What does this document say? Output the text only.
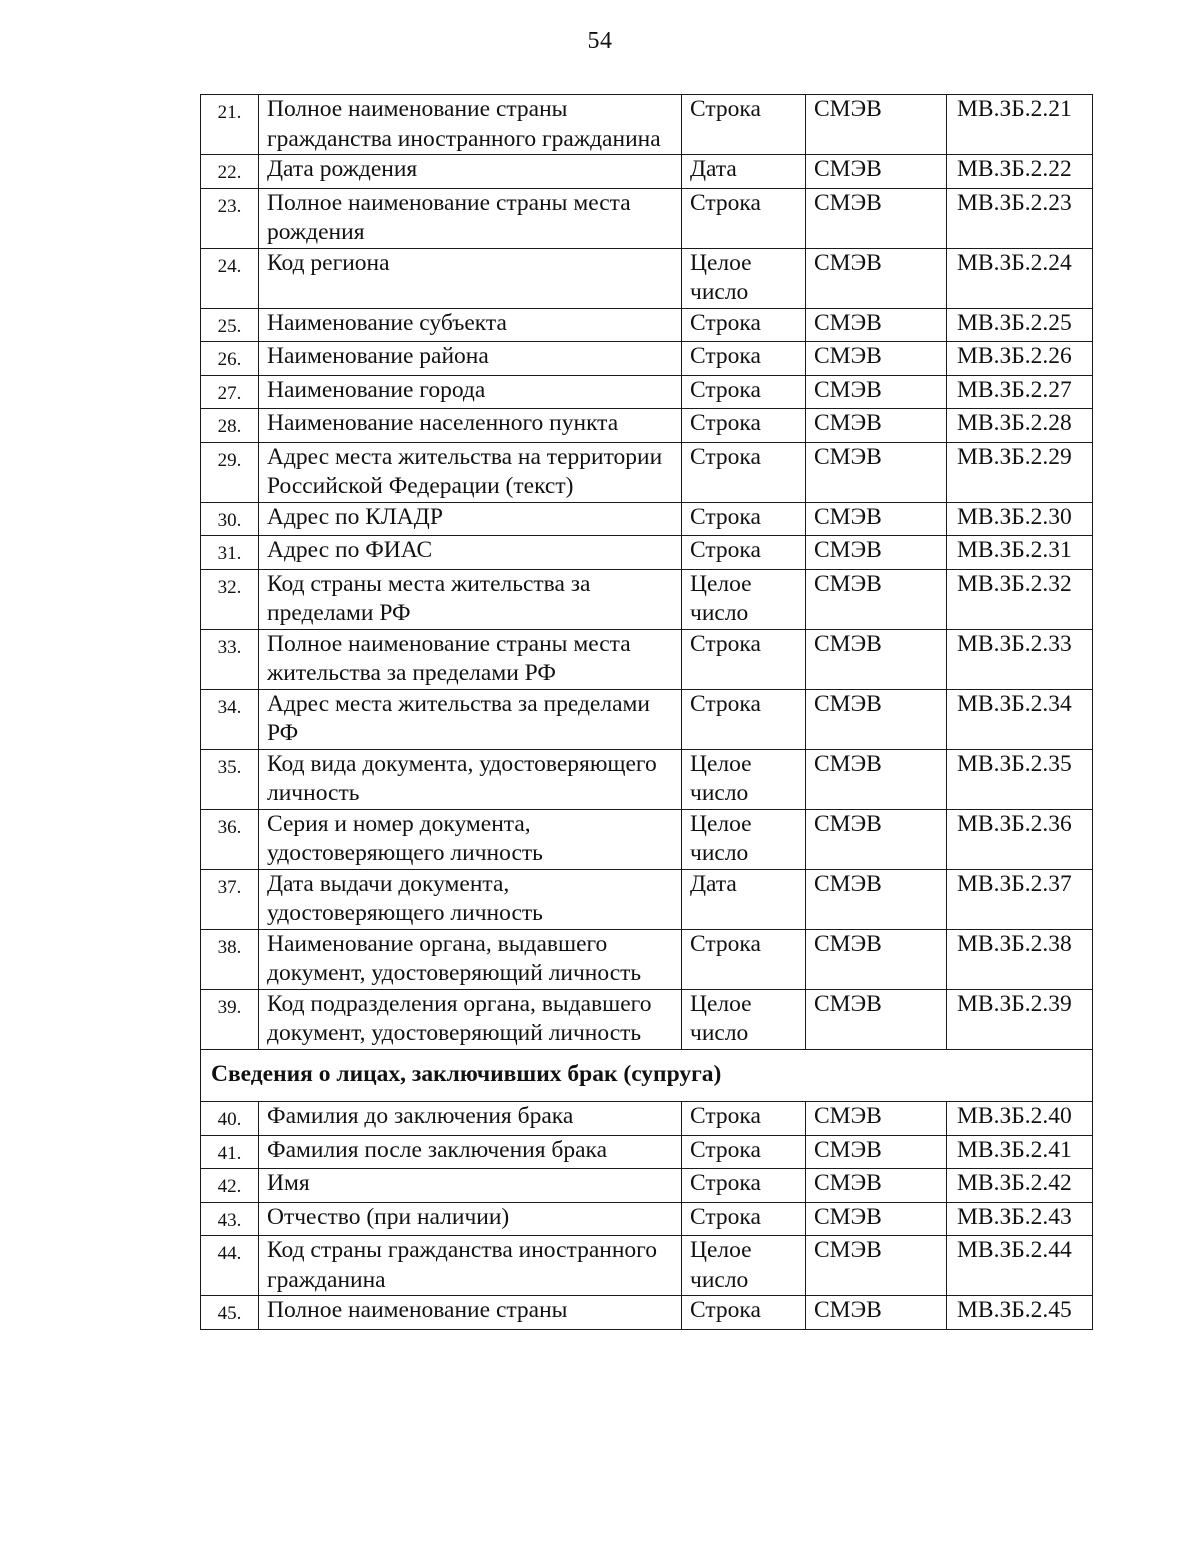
54
21.	Полное наименование страны гражданства иностранного гражданина	Строка	СМЭВ	МВ.ЗБ.2.21
22.	Дата рождения	Дата	СМЭВ	МВ.ЗБ.2.22
23.	Полное наименование страны места рождения	Строка	СМЭВ	МВ.ЗБ.2.23
24.	Код региона	Целое число	СМЭВ	МВ.ЗБ.2.24
25.	Наименование субъекта	Строка	СМЭВ	МВ.ЗБ.2.25
26.	Наименование района	Строка	СМЭВ	МВ.ЗБ.2.26
27.	Наименование города	Строка	СМЭВ	МВ.ЗБ.2.27
28.	Наименование населенного пункта	Строка	СМЭВ	МВ.ЗБ.2.28
29.	Адрес места жительства на территории Российской Федерации (текст)	Строка	СМЭВ	МВ.ЗБ.2.29
30.	Адрес по КЛАДР	Строка	СМЭВ	МВ.ЗБ.2.30
31.	Адрес по ФИАС	Строка	СМЭВ	МВ.ЗБ.2.31
32.	Код страны места жительства за пределами РФ	Целое число	СМЭВ	МВ.ЗБ.2.32
33.	Полное наименование страны места жительства за пределами РФ	Строка	СМЭВ	МВ.ЗБ.2.33
34.	Адрес места жительства за пределами РФ	Строка	СМЭВ	МВ.ЗБ.2.34
35.	Код вида документа, удостоверяющего личность	Целое число	СМЭВ	МВ.ЗБ.2.35
36.	Серия и номер документа, удостоверяющего личность	Целое число	СМЭВ	МВ.ЗБ.2.36
37.	Дата выдачи документа, удостоверяющего личность	Дата	СМЭВ	МВ.ЗБ.2.37
38.	Наименование органа, выдавшего документ, удостоверяющий личность	Строка	СМЭВ	МВ.ЗБ.2.38
39.	Код подразделения органа, выдавшего документ, удостоверяющий личность	Целое число	СМЭВ	МВ.ЗБ.2.39
Сведения о лицах, заключивших брак (супруга)				
40.	Фамилия до заключения брака	Строка	СМЭВ	МВ.ЗБ.2.40
41.	Фамилия после заключения брака	Строка	СМЭВ	МВ.ЗБ.2.41
42.	Имя	Строка	СМЭВ	МВ.ЗБ.2.42
43.	Отчество (при наличии)	Строка	СМЭВ	МВ.ЗБ.2.43
44.	Код страны гражданства иностранного гражданина	Целое число	СМЭВ	МВ.ЗБ.2.44
45.	Полное наименование страны	Строка	СМЭВ	МВ.ЗБ.2.45
